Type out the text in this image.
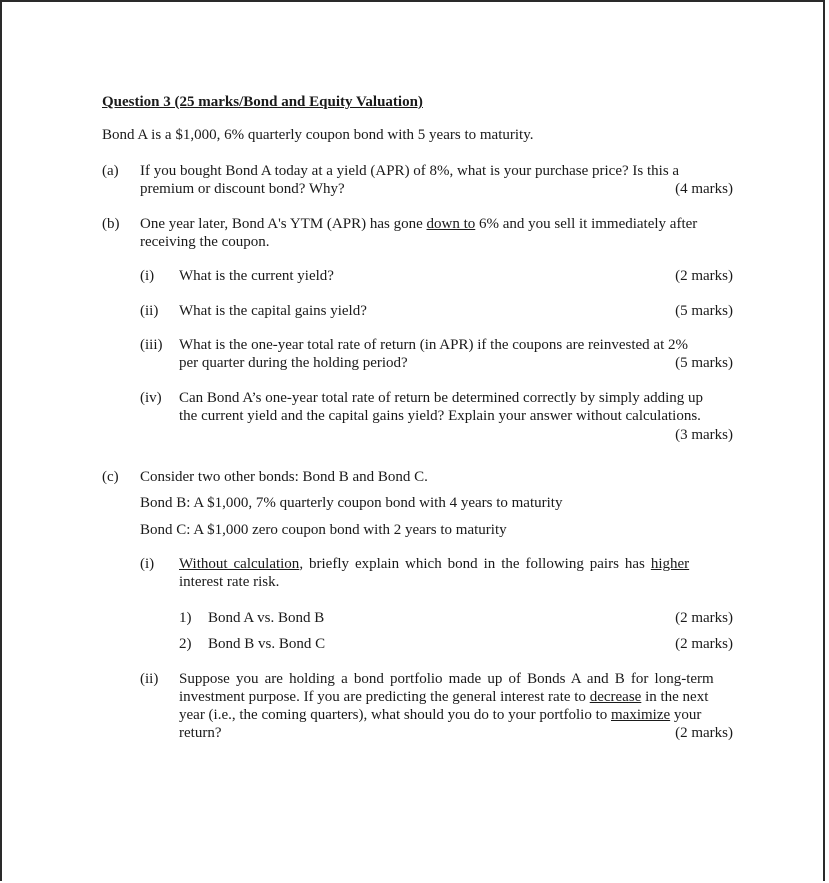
Question 3 (25 marks/Bond and Equity Valuation)
Bond A is a $1,000, 6% quarterly coupon bond with 5 years to maturity.
(a) If you bought Bond A today at a yield (APR) of 8%, what is your purchase price? Is this a
premium or discount bond? Why?	(4 marks)
(b) One year later, Bond A's YTM (APR) has gone down to 6% and you sell it immediately after
receiving the coupon.
(i) What is the current yield?	(2 marks)
(ii) What is the capital gains yield?	(5 marks)
(iii) What is the one-year total rate of return (in APR) if the coupons are reinvested at 2%
per quarter during the holding period?	(5 marks)
(iv) Can Bond A’s one-year total rate of return be determined correctly by simply adding up
the current yield and the capital gains yield? Explain your answer without calculations.
(3 marks)
(c) Consider two other bonds: Bond B and Bond C.
Bond B: A $1,000, 7% quarterly coupon bond with 4 years to maturity
Bond C: A $1,000 zero coupon bond with 2 years to maturity
(i) Without calculation, briefly explain which bond in the following pairs has higher
interest rate risk.
1) Bond A vs. Bond B	(2 marks)
2) Bond B vs. Bond C	(2 marks)
(ii) Suppose you are holding a bond portfolio made up of Bonds A and B for long-term
investment purpose. If you are predicting the general interest rate to decrease in the next
year (i.e., the coming quarters), what should you do to your portfolio to maximize your
return?	(2 marks)
